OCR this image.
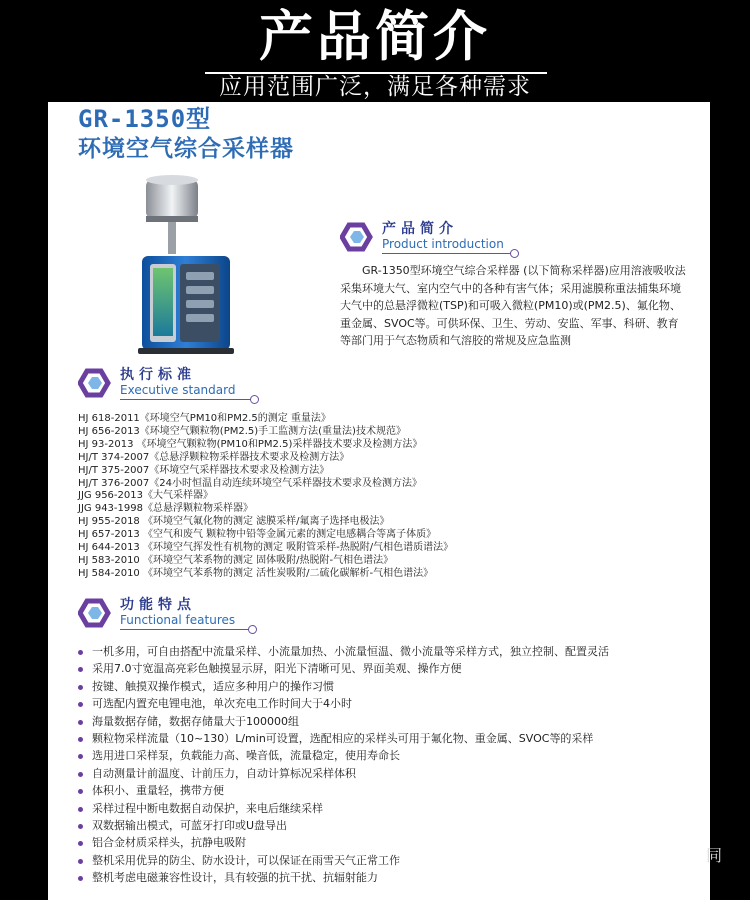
产品简介
应用范围广泛，满足各种需求
GR-1350型
环境空气综合采样器
产品简介
Product introduction
GR-1350型环境空气综合采样器 (以下简称采样器)应用溶液吸收法采集环境大气、室内空气中的各种有害气体；采用滤膜称重法捕集环境大气中的总悬浮微粒(TSP)和可吸入微粒(PM10)或(PM2.5)、氟化物、重金属、SVOC等。可供环保、卫生、劳动、安监、军事、科研、教育等部门用于气态物质和气溶胶的常规及应急监测
执行标准
Executive standard
HJ 618-2011《环境空气PM10和PM2.5的测定 重量法》
HJ 656-2013《环境空气颗粒物(PM2.5)手工监测方法(重量法)技术规范》
HJ 93-2013 《环境空气颗粒物(PM10和PM2.5)采样器技术要求及检测方法》
HJ/T 374-2007《总悬浮颗粒物采样器技术要求及检测方法》
HJ/T 375-2007《环境空气采样器技术要求及检测方法》
HJ/T 376-2007《24小时恒温自动连续环境空气采样器技术要求及检测方法》
JJG 956-2013《大气采样器》
JJG 943-1998《总悬浮颗粒物采样器》
HJ 955-2018 《环境空气氟化物的测定 滤膜采样/氟离子选择电极法》
HJ 657-2013 《空气和废气 颗粒物中铅等金属元素的测定电感耦合等离子体质》
HJ 644-2013 《环境空气挥发性有机物的测定 吸附管采样-热脱附/气相色谱质谱法》
HJ 583-2010 《环境空气苯系物的测定 固体吸附/热脱附-气相色谱法》
HJ 584-2010 《环境空气苯系物的测定 活性炭吸附/二硫化碳解析-气相色谱法》
功能特点
Functional features
一机多用，可自由搭配中流量采样、小流量加热、小流量恒温、微小流量等采样方式，独立控制、配置灵活
采用7.0寸宽温高亮彩色触摸显示屏，阳光下清晰可见、界面美观、操作方便
按键、触摸双操作模式，适应多种用户的操作习惯
可选配内置充电锂电池，单次充电工作时间大于4小时
海量数据存储，数据存储量大于100000组
颗粒物采样流量（10~130）L/min可设置，选配相应的采样头可用于氟化物、重金属、SVOC等的采样
选用进口采样泵，负载能力高、噪音低，流量稳定，使用寿命长
自动测量计前温度、计前压力，自动计算标况采样体积
体积小、重量轻，携带方便
采样过程中断电数据自动保护，来电后继续采样
双数据输出模式，可蓝牙打印或U盘导出
铝合金材质采样头，抗静电吸附
整机采用优异的防尘、防水设计，可以保证在雨雪天气正常工作
整机考虑电磁兼容性设计，具有较强的抗干扰、抗辐射能力
同
